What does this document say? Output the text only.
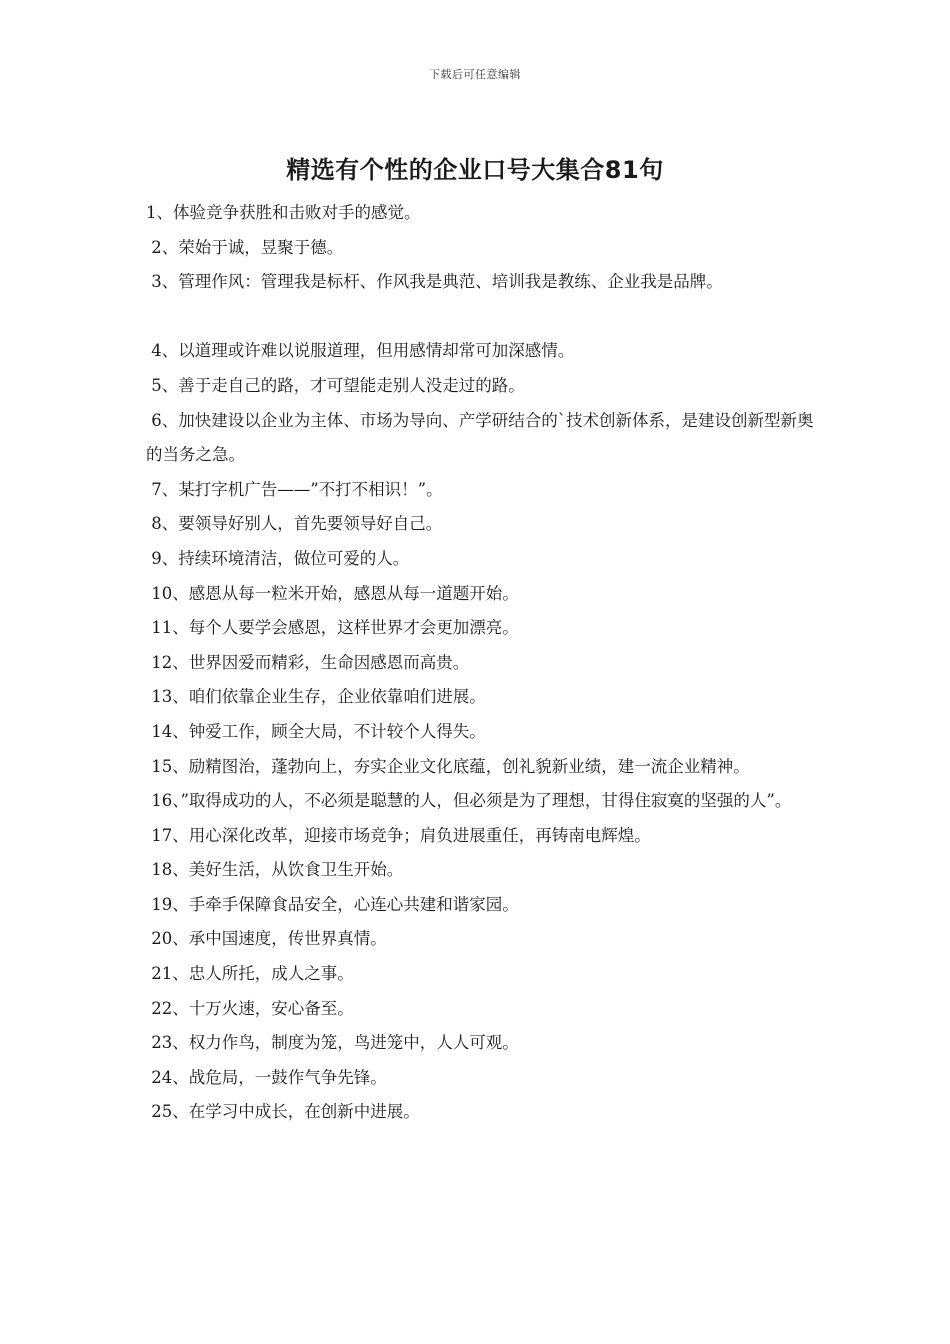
下载后可任意编辑
精选有个性的企业口号大集合81句

1、体验竞争获胜和击败对手的感觉。

2、荣始于诚，昱聚于德。

3、管理作风：管理我是标杆、作风我是典范、培训我是教练、企业我是品牌。

4、以道理或许难以说服道理，但用感情却常可加深感情。

5、善于走自己的路，才可望能走别人没走过的路。

6、加快建设以企业为主体、市场为导向、产学研结合的`技术创新体系，是建设创新型新奥的当务之急。

7、某打字机广告——”不打不相识！”。

8、要领导好别人，首先要领导好自己。

9、持续环境清洁，做位可爱的人。

10、感恩从每一粒米开始，感恩从每一道题开始。

11、每个人要学会感恩，这样世界才会更加漂亮。

12、世界因爱而精彩，生命因感恩而高贵。

13、咱们依靠企业生存，企业依靠咱们进展。

14、钟爱工作，顾全大局，不计较个人得失。

15、励精图治，蓬勃向上，夯实企业文化底蕴，创礼貌新业绩，建一流企业精神。

16、”取得成功的人，不必须是聪慧的人，但必须是为了理想，甘得住寂寞的坚强的人”。

17、用心深化改革，迎接市场竞争；肩负进展重任，再铸南电辉煌。

18、美好生活，从饮食卫生开始。

19、手牵手保障食品安全，心连心共建和谐家园。

20、承中国速度，传世界真情。

21、忠人所托，成人之事。

22、十万火速，安心备至。

23、权力作鸟，制度为笼，鸟进笼中，人人可观。

24、战危局，一鼓作气争先锋。

25、在学习中成长，在创新中进展。
